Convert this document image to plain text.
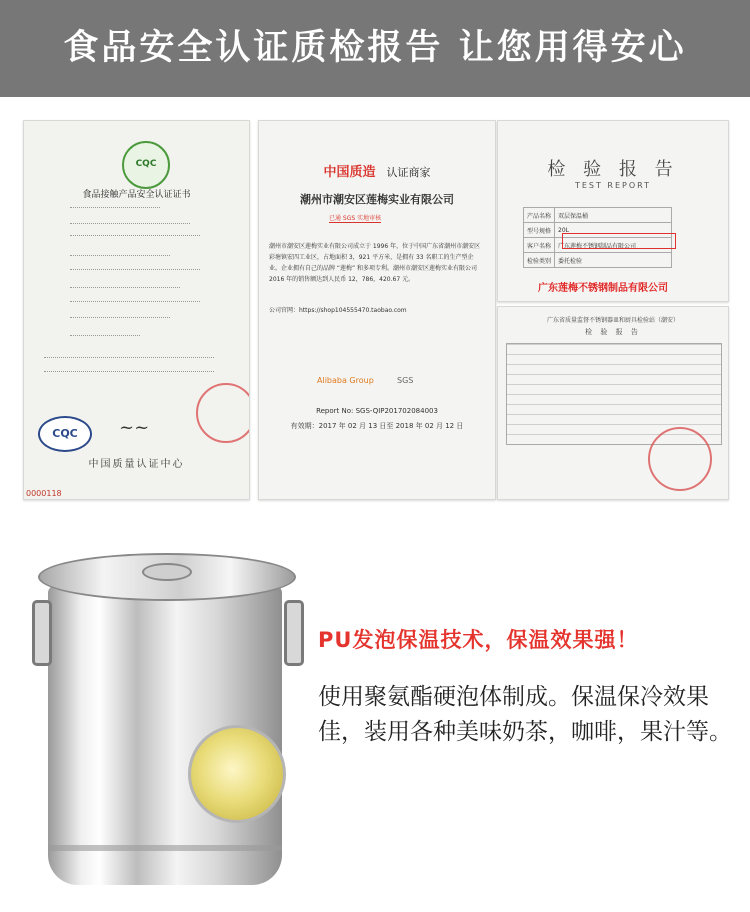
食品安全认证质检报告 让您用得安心
CQC
食品接触产品安全认证证书
CQC	~~
中国质量认证中心
0000118
中国质造 认证商家
潮州市潮安区莲梅实业有限公司
已通 SGS 实地审核
潮州市潮安区莲梅实业有限公司成立于 1996 年，位于中国广东省潮州市潮安区彩塘镇宏四工业区，占地面积 3，921 平方米，是拥有 33 名职工的生产型企业。企业拥有自己的品牌 “莲梅” 和多项专利。潮州市潮安区莲梅实业有限公司 2016 年的销售额达到人民币 12，786，420.67 元。
公司官网：https://shop104555470.taobao.com
Alibaba Group	SGS
Report No: SGS-QIP201702084003
有效期：2017 年 02 月 13 日至 2018 年 02 月 12 日
检 验 报 告
TEST REPORT
产品名称	双层保温桶
型号规格	20L
客户名称	广东莲梅不锈钢制品有限公司
检验类别	委托检验
广东莲梅不锈钢制品有限公司
广东省质量监督不锈钢器皿和厨具检验站（潮安）
检 验 报 告
PU发泡保温技术，保温效果强！
使用聚氨酯硬泡体制成。保温保冷效果佳，装用各种美味奶茶，咖啡，果汁等。
